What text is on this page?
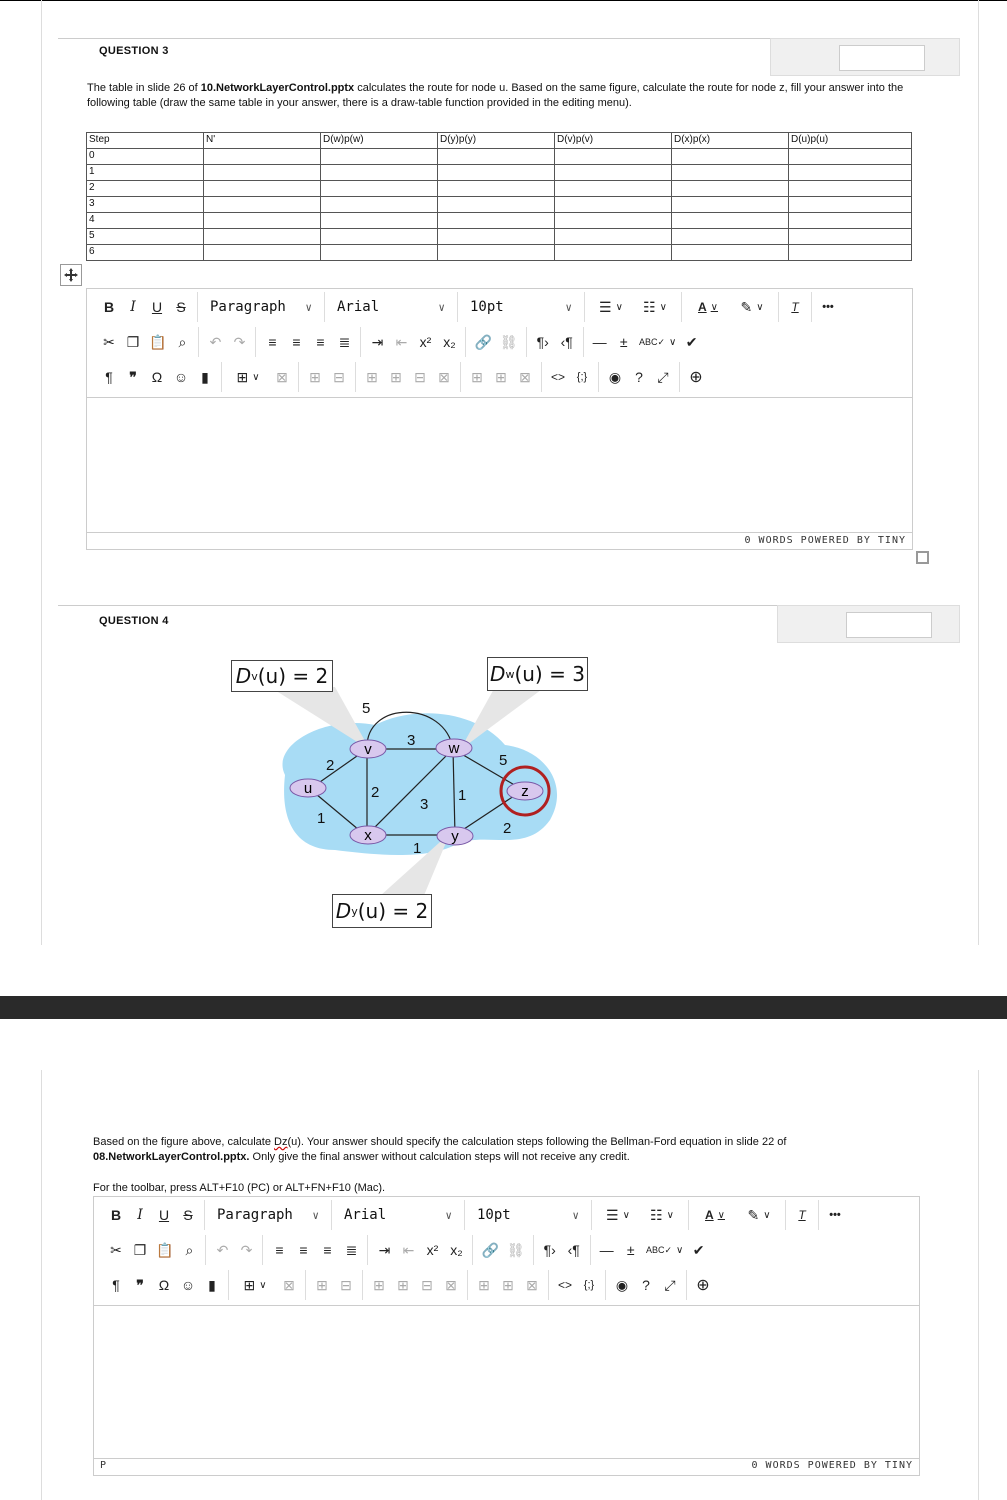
QUESTION 3
The table in slide 26 of 10.NetworkLayerControl.pptx calculates the route for node u. Based on the same figure, calculate the route for node z, fill your answer into the following table (draw the same table in your answer, there is a draw-table function provided in the editing menu).
Step	N'	D(w)p(w)	D(y)p(y)	D(v)p(v)	D(x)p(x)	D(u)p(u)
0						
1						
2						
3						
4						
5						
6						
B	I	U	S	Paragraph ∨ Arial	∨ 10pt	∨	☰ ∨	☷ ∨	A ∨	✎ ∨	T	•••
✂ ❐ 📋 ⌕	↶ ↷	≡	≡	≡	≣	⇥ ⇤ x² x₂	🔗 ⛓	¶› ‹¶	— ±	ABC✓ ∨ ✔
¶	❞	Ω ☺ ▮	⊞ ∨	⊠	⊞ ⊟	⊞ ⊞ ⊟ ⊠	⊞ ⊞ ⊠	<>	{;}	◉ ?	⤢	⊕
0 WORDS POWERED BY TINY
QUESTION 4
5
3
2
2
3
1
5
1
1
2
u
v	w
x	y
z
D v (u) = 2	D w (u) = 3
D y (u) = 2
Based on the figure above, calculate Dz(u). Your answer should specify the calculation steps following the Bellman-Ford equation in slide 22 of
08.NetworkLayerControl.pptx. Only give the final answer without calculation steps will not receive any credit.
For the toolbar, press ALT+F10 (PC) or ALT+FN+F10 (Mac).
B	I	U	S	Paragraph ∨ Arial	∨ 10pt	∨	☰ ∨	☷ ∨	A ∨	✎ ∨	T	•••
✂ ❐ 📋 ⌕	↶ ↷	≡	≡	≡	≣	⇥ ⇤ x² x₂	🔗 ⛓	¶› ‹¶	— ±	ABC✓ ∨ ✔
¶	❞	Ω ☺ ▮	⊞ ∨	⊠	⊞ ⊟	⊞ ⊞ ⊟ ⊠	⊞ ⊞ ⊠	<>	{;}	◉ ?	⤢	⊕
P	0 WORDS POWERED BY TINY
